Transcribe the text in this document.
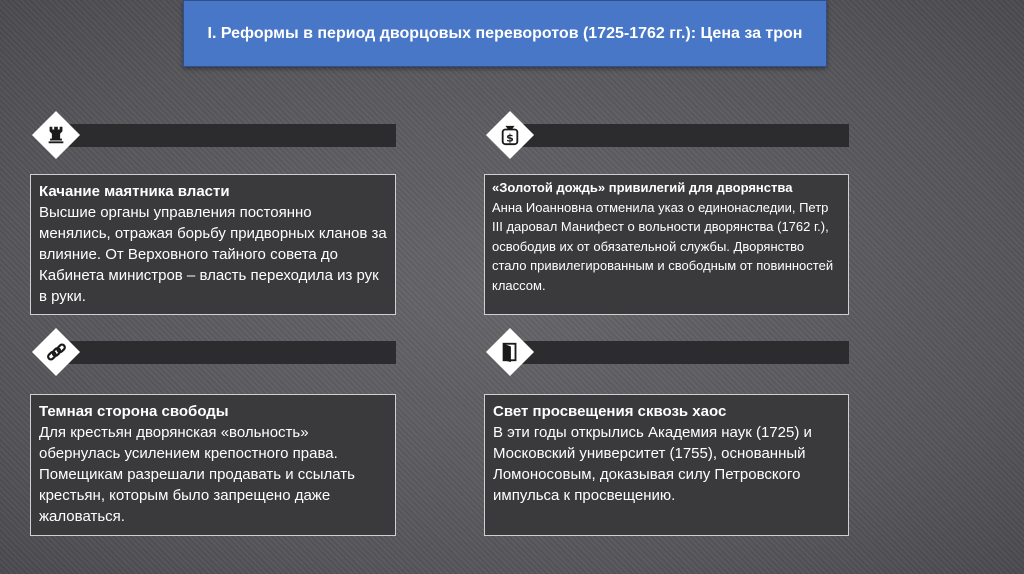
I. Реформы в период дворцовых переворотов (1725-1762 гг.): Цена за трон
$
Качание маятника власти
Высшие органы управления постоянно менялись, отражая борьбу придворных кланов за влияние. От Верховного тайного совета до Кабинета министров – власть переходила из рук в руки.
«Золотой дождь» привилегий для дворянства
Анна Иоанновна отменила указ о единонаследии, Петр III даровал Манифест о вольности дворянства (1762 г.), освободив их от обязательной службы. Дворянство стало привилегированным и свободным от повинностей классом.
Темная сторона свободы
Для крестьян дворянская «вольность» обернулась усилением крепостного права. Помещикам разрешали продавать и ссылать крестьян, которым было запрещено даже жаловаться.
Свет просвещения сквозь хаос
В эти годы открылись Академия наук (1725) и Московский университет (1755), основанный Ломоносовым, доказывая силу Петровского импульса к просвещению.
